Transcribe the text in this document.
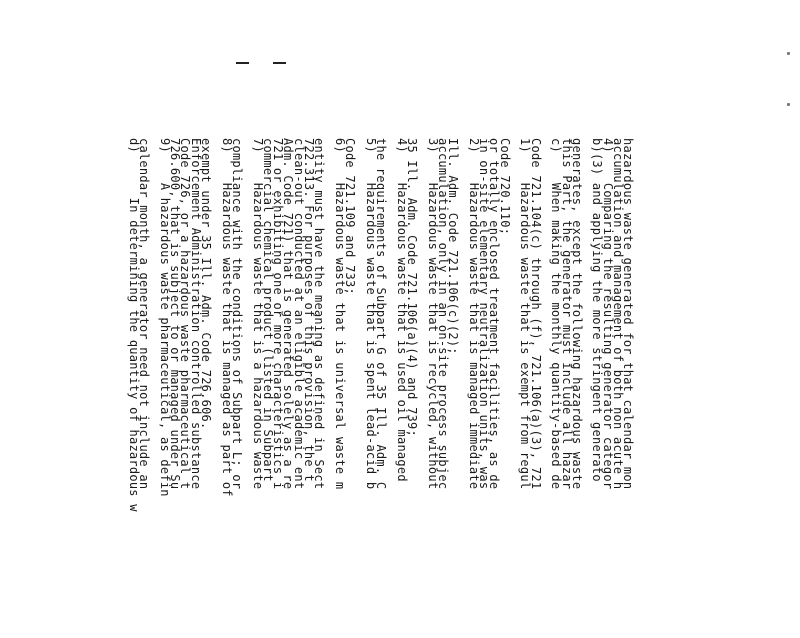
d)      In determining the quantity of hazardous w
calendar month, a generator need not include an 9)    A hazardous waste pharmaceutical, as defin
726.600, that is subject to or managed under Su
Code 726, or a hazardous waste pharmaceutical t
Enforcement Administration controlled substance
exempt under 35 Ill. Adm. Code 726.606. 8)    Hazardous waste that is managed as part of
compliance with the conditions of Subpart L; or 7)    Hazardous waste that is a hazardous waste
commercial chemical product (listed in Subpart
721 or exhibiting one or more characteristics i
Adm. Code 721) that is generated solely as a re
clean-out conducted at an eligible academic ent
722.313. For purposes of this provision, the t
entity must have the meaning as defined in Sect 6)    Hazardous waste that is universal waste m
Code 721.109 and 733; 5)    Hazardous waste that is spent lead-acid b
the requirements of Subpart G of 35 Ill. Adm. C 4)    Hazardous waste that is used oil managed
35 Ill. Adm. Code 721.106(a)(4) and 739; 3)    Hazardous waste that is recycled, without
accumulation, only in an on-site process subjec
Ill. Adm. Code 721.106(c)(2); 2)    Hazardous waste that is managed immediate
in on-site elementary neutralization units, was
or totally enclosed treatment facilities, as de
Code 720.110; 1)    Hazardous waste that is exempt from regul
Code 721.104(c) through (f), 721.106(a)(3), 721 c)    When making the monthly quantity-based de
this Part, the generator must include all hazar
generates, except the following hazardous waste b)(3) and applying the more stringent generato
4)    Comparing the resulting generator categor
accumulation and management of both non acute h
hazardous waste generated for that calendar mon
